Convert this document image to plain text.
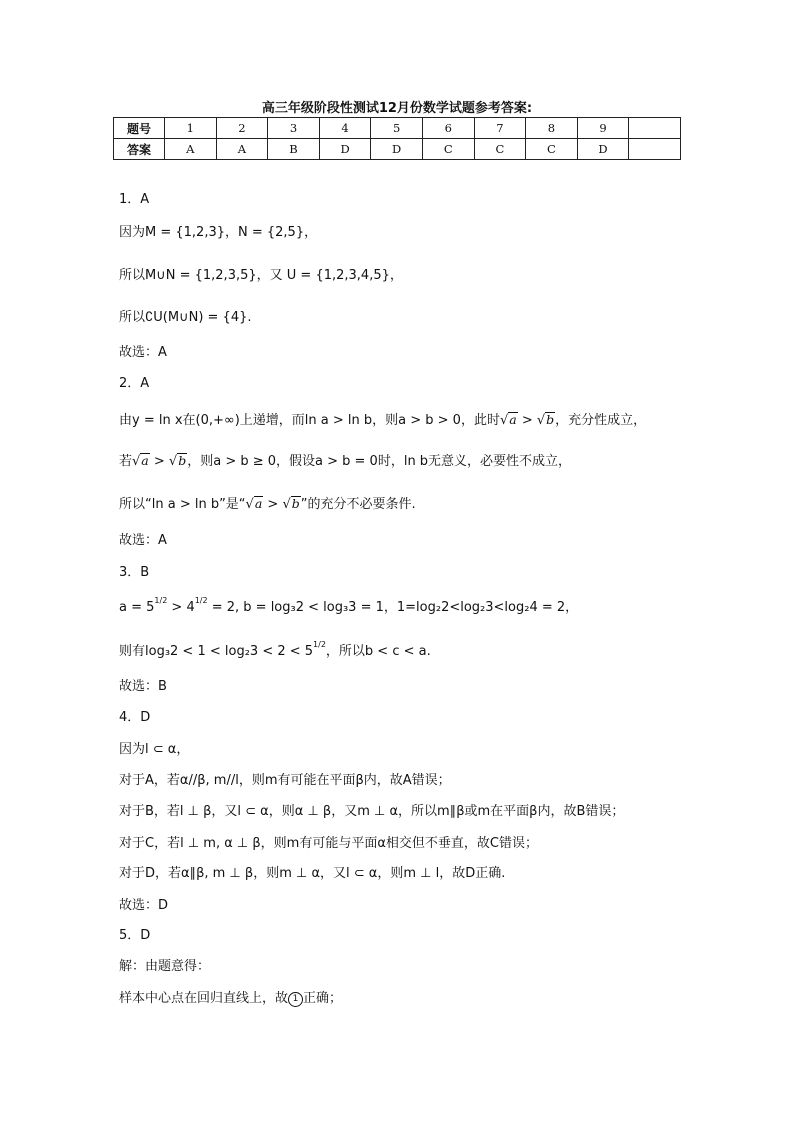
高三年级阶段性测试12月份数学试题参考答案:
题号	1	2	3	4	5	6	7	8	9	
答案	A	A	B	D	D	C	C	C	D	
1．A
因为M = {1,2,3}，N = {2,5}，
所以M∪N = {1,2,3,5}，又 U = {1,2,3,4,5}，
所以∁U(M∪N) = {4}.
故选：A
2．A
由y = ln x在(0,+∞)上递增，而ln a > ln b，则a > b > 0，此时√a > √b，充分性成立，
若√a > √b，则a > b ≥ 0，假设a > b = 0时，ln b无意义，必要性不成立，
所以“ln a > ln b”是“√a > √b”的充分不必要条件.
故选：A
3．B
$a = 5^{1/2} > 4^{1/2} = 2$, b = log₃2 < log₃3 = 1，1=log₂2<log₂3<log₂4 = 2，
则有$\log_32 < 1 < \log_23 < 2 < 5^{1/2}$，所以b < c < a.
故选：B
4．D
因为l ⊂ α，
对于A，若α//β, m//l，则m有可能在平面β内，故A错误；
对于B，若l ⊥ β，又l ⊂ α，则α ⊥ β，又m ⊥ α，所以m∥β或m在平面β内，故B错误；
对于C，若l ⊥ m, α ⊥ β，则m有可能与平面α相交但不垂直，故C错误；
对于D，若α∥β, m ⊥ β，则m ⊥ α，又l ⊂ α，则m ⊥ l，故D正确.
故选：D
5．D
解：由题意得：
样本中心点在回归直线上，故 1 正确；
